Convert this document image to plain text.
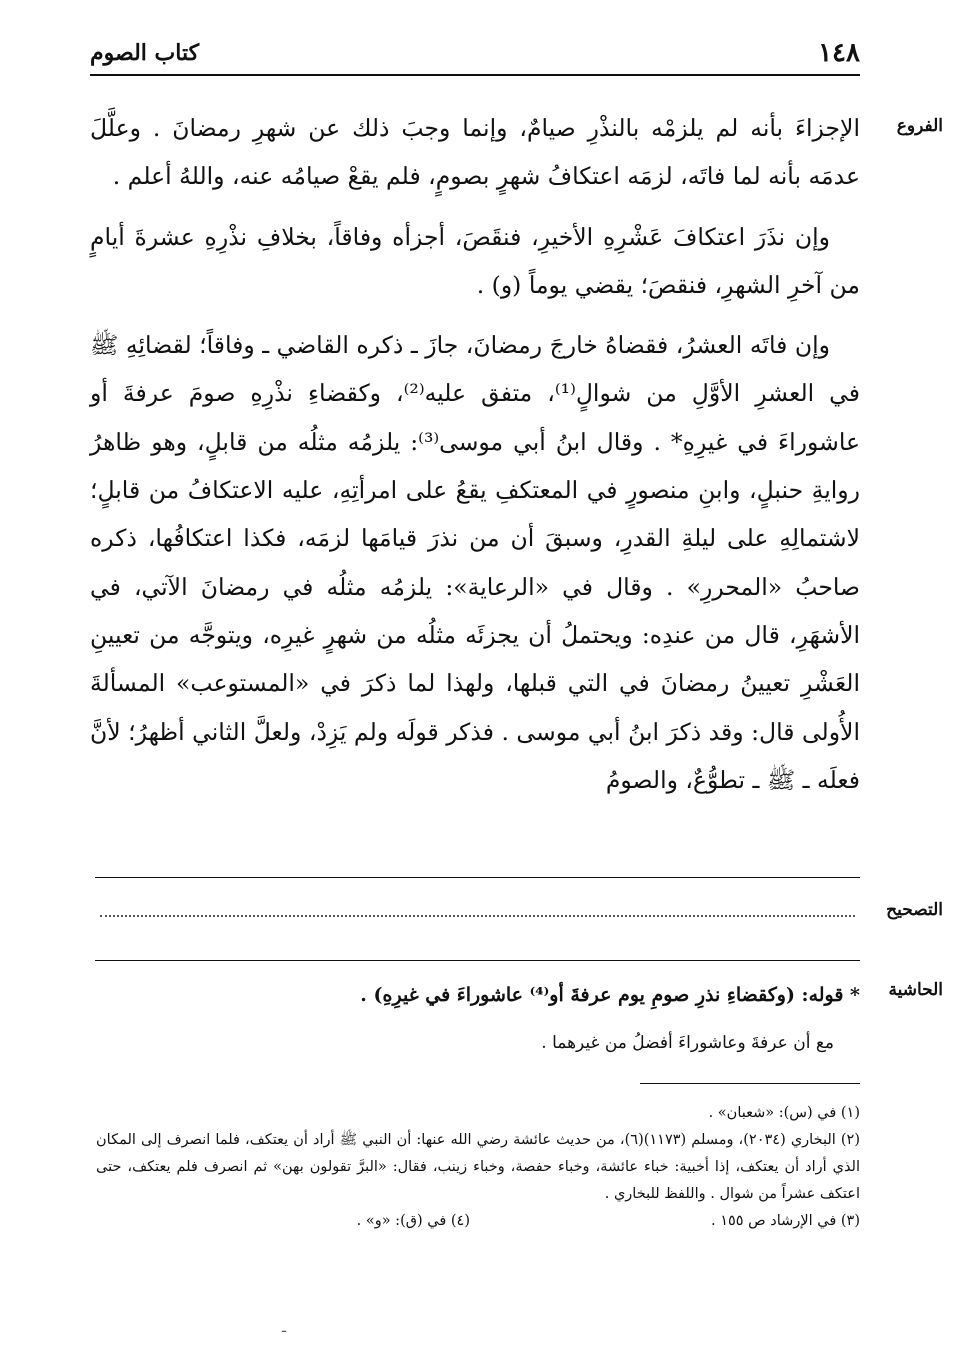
١٤٨
كتاب الصوم
الفروع

الإجزاءَ بأنه لم يلزمْه بالنذْرِ صيامٌ، وإنما وجبَ ذلك عن شهرِ رمضانَ . وعلَّلَ عدمَه بأنه لما فاتَه، لزمَه اعتكافُ شهرٍ بصومٍ، فلم يقعْ صيامُه عنه، واللهُ أعلم .

وإن نذَرَ اعتكافَ عَشْرِهِ الأخيرِ، فنقَصَ، أجزأه وفاقاً، بخلافِ نذْرِهِ عشرةَ أيامٍ من آخرِ الشهرِ، فنقصَ؛ يقضي يوماً (و) .

وإن فاتَه العشرُ، فقضاهُ خارجَ رمضانَ، جازَ ـ ذكره القاضي ـ وفاقاً؛ لقضائِهِ ﷺ في العشرِ الأوَّلِ من شوالٍ⁽¹⁾، متفق عليه⁽²⁾، وكقضاءِ نذْرِهِ صومَ عرفةَ أو عاشوراءَ في غيرِهِ* . وقال ابنُ أبي موسى⁽³⁾: يلزمُه مثلُه من قابلٍ، وهو ظاهرُ روايةِ حنبلٍ، وابنِ منصورٍ في المعتكفِ يقعُ على امرأتِهِ، عليه الاعتكافُ من قابلٍ؛ لاشتمالِهِ على ليلةِ القدرِ، وسبقَ أن من نذرَ قيامَها لزمَه، فكذا اعتكافُها، ذكره صاحبُ «المحررِ» . وقال في «الرعاية»: يلزمُه مثلُه في رمضانَ الآتي، في الأشهَرِ، قال من عندِه: ويحتملُ أن يجزئَه مثلُه من شهرٍ غيرِه، ويتوجَّه من تعيينِ العَشْرِ تعيينُ رمضانَ في التي قبلها، ولهذا لما ذكرَ في «المستوعب» المسألةَ الأُولى قال: وقد ذكرَ ابنُ أبي موسى . فذكر قولَه ولم يَزِدْ، ولعلَّ الثاني أظهرُ؛ لأنَّ فعلَه ـ ﷺ ـ تطوُّعٌ، والصومُ

التصحيح
الحاشية
* قوله: (وكقضاءِ نذرِ صومِ يوم عرفةَ أو⁽⁴⁾ عاشوراءَ في غيرِهِ) .
مع أن عرفةَ وعاشوراءَ أفضلُ من غيرهما .

(١) في (س): «شعبان» .

(٢) البخاري (٢٠٣٤)، ومسلم (١١٧٣)(٦)، من حديث عائشة رضي الله عنها: أن النبي ﷺ أراد أن يعتكف، فلما انصرف إلى المكان الذي أراد أن يعتكف، إذا أخبية: خباء عائشة، وخباء حفصة، وخباء زينب، فقال: «البرَّ تقولون بهن» ثم انصرف فلم يعتكف، حتى اعتكف عشراً من شوال . واللفظ للبخاري .

(٣) في الإرشاد ص ١٥٥ .
(٤) في (ق): «و» .
ـ
